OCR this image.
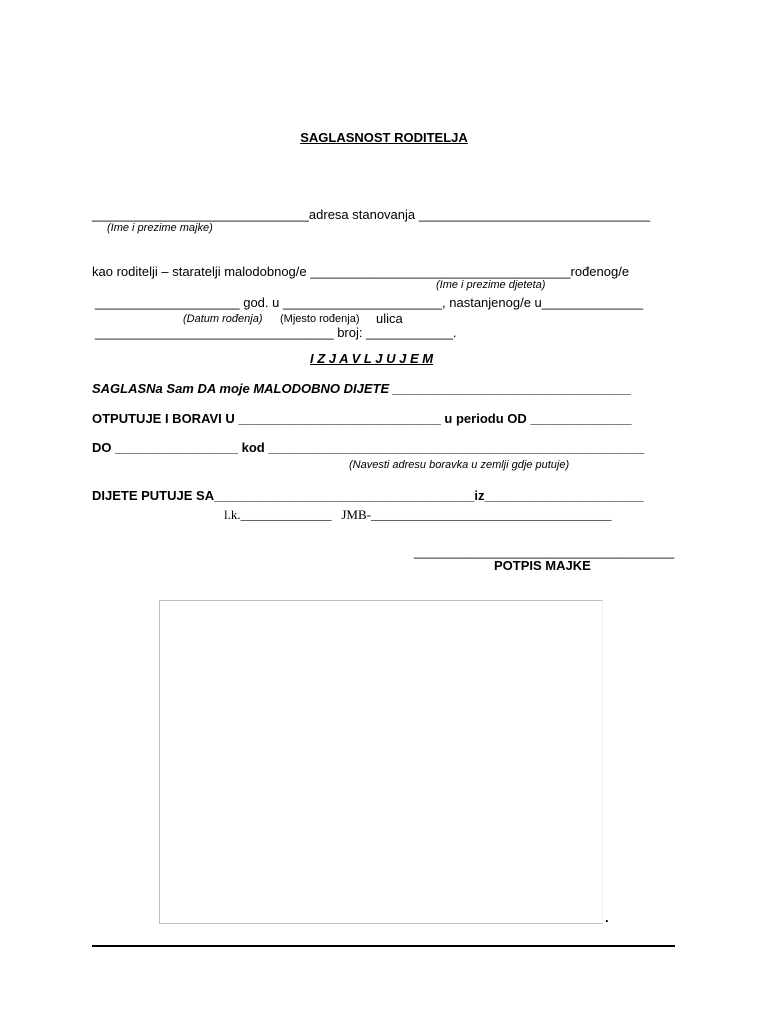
SAGLASNOST RODITELJA
______________________________adresa stanovanja ________________________________
(Ime i prezime majke)
kao roditelji – staratelji malodobnog/e ____________________________________rođenog/e
(Ime i prezime djeteta)
____________________ god. u ______________________, nastanjenog/e u______________
(Datum rođenja) (Mjesto rođenja) ulica
_________________________________ broj: ____________.
I Z J A V L J U J E M
SAGLASNa Sam DA moje MALODOBNO DIJETE _________________________________
OTPUTUJE I BORAVI U ____________________________ u periodu OD ______________
DO _________________ kod ____________________________________________________
(Navesti adresu boravka u zemlji gdje putuje)
DIJETE PUTUJE SA____________________________________iz______________________
l.k.______________   JMB-_____________________________________
____________________________________
POTPIS MAJKE
.
